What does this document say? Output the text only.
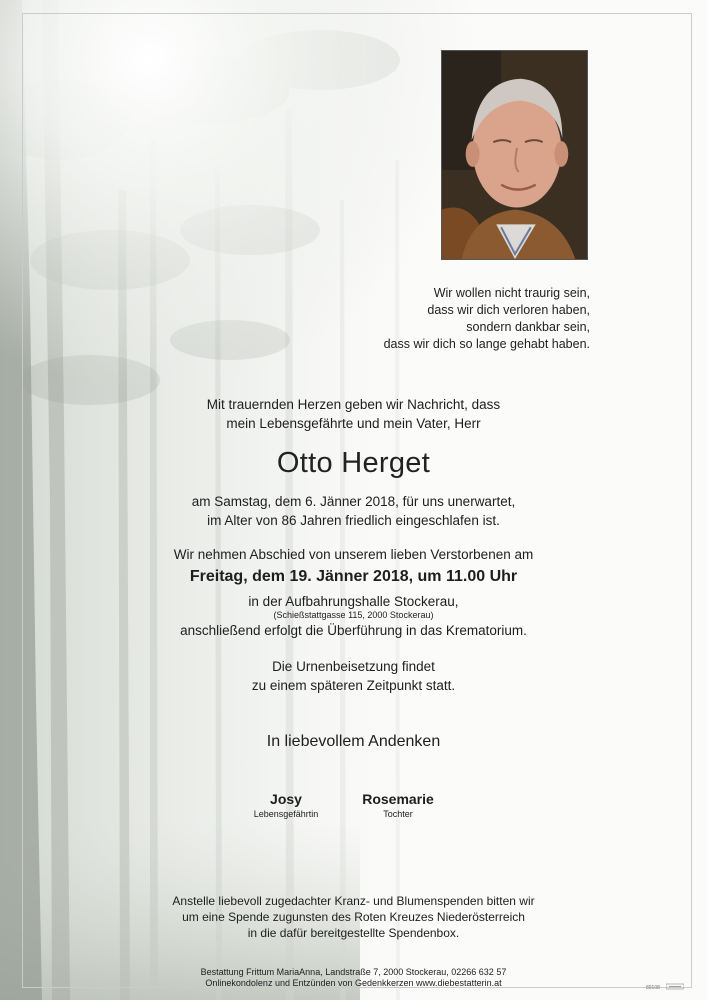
Wir wollen nicht traurig sein,
dass wir dich verloren haben,
sondern dankbar sein,
dass wir dich so lange gehabt haben.
Mit trauernden Herzen geben wir Nachricht, dass
mein Lebensgefährte und mein Vater, Herr
Otto Herget
am Samstag, dem 6. Jänner 2018, für uns unerwartet,
im Alter von 86 Jahren friedlich eingeschlafen ist.
Wir nehmen Abschied von unserem lieben Verstorbenen am
Freitag, dem 19. Jänner 2018, um 11.00 Uhr
in der Aufbahrungshalle Stockerau,
(Schießstattgasse 115, 2000 Stockerau)
anschließend erfolgt die Überführung in das Krematorium.
Die Urnenbeisetzung findet
zu einem späteren Zeitpunkt statt.
In liebevollem Andenken
Josy
Lebensgefährtin
Rosemarie
Tochter
Anstelle liebevoll zugedachter Kranz- und Blumenspenden bitten wir
um eine Spende zugunsten des Roten Kreuzes Niederösterreich
in die dafür bereitgestellte Spendenbox.
Bestattung Frittum MariaAnna, Landstraße 7, 2000 Stockerau, 02266 632 57
Onlinekondolenz und Entzünden von Gedenkkerzen www.diebestatterin.at	89108
